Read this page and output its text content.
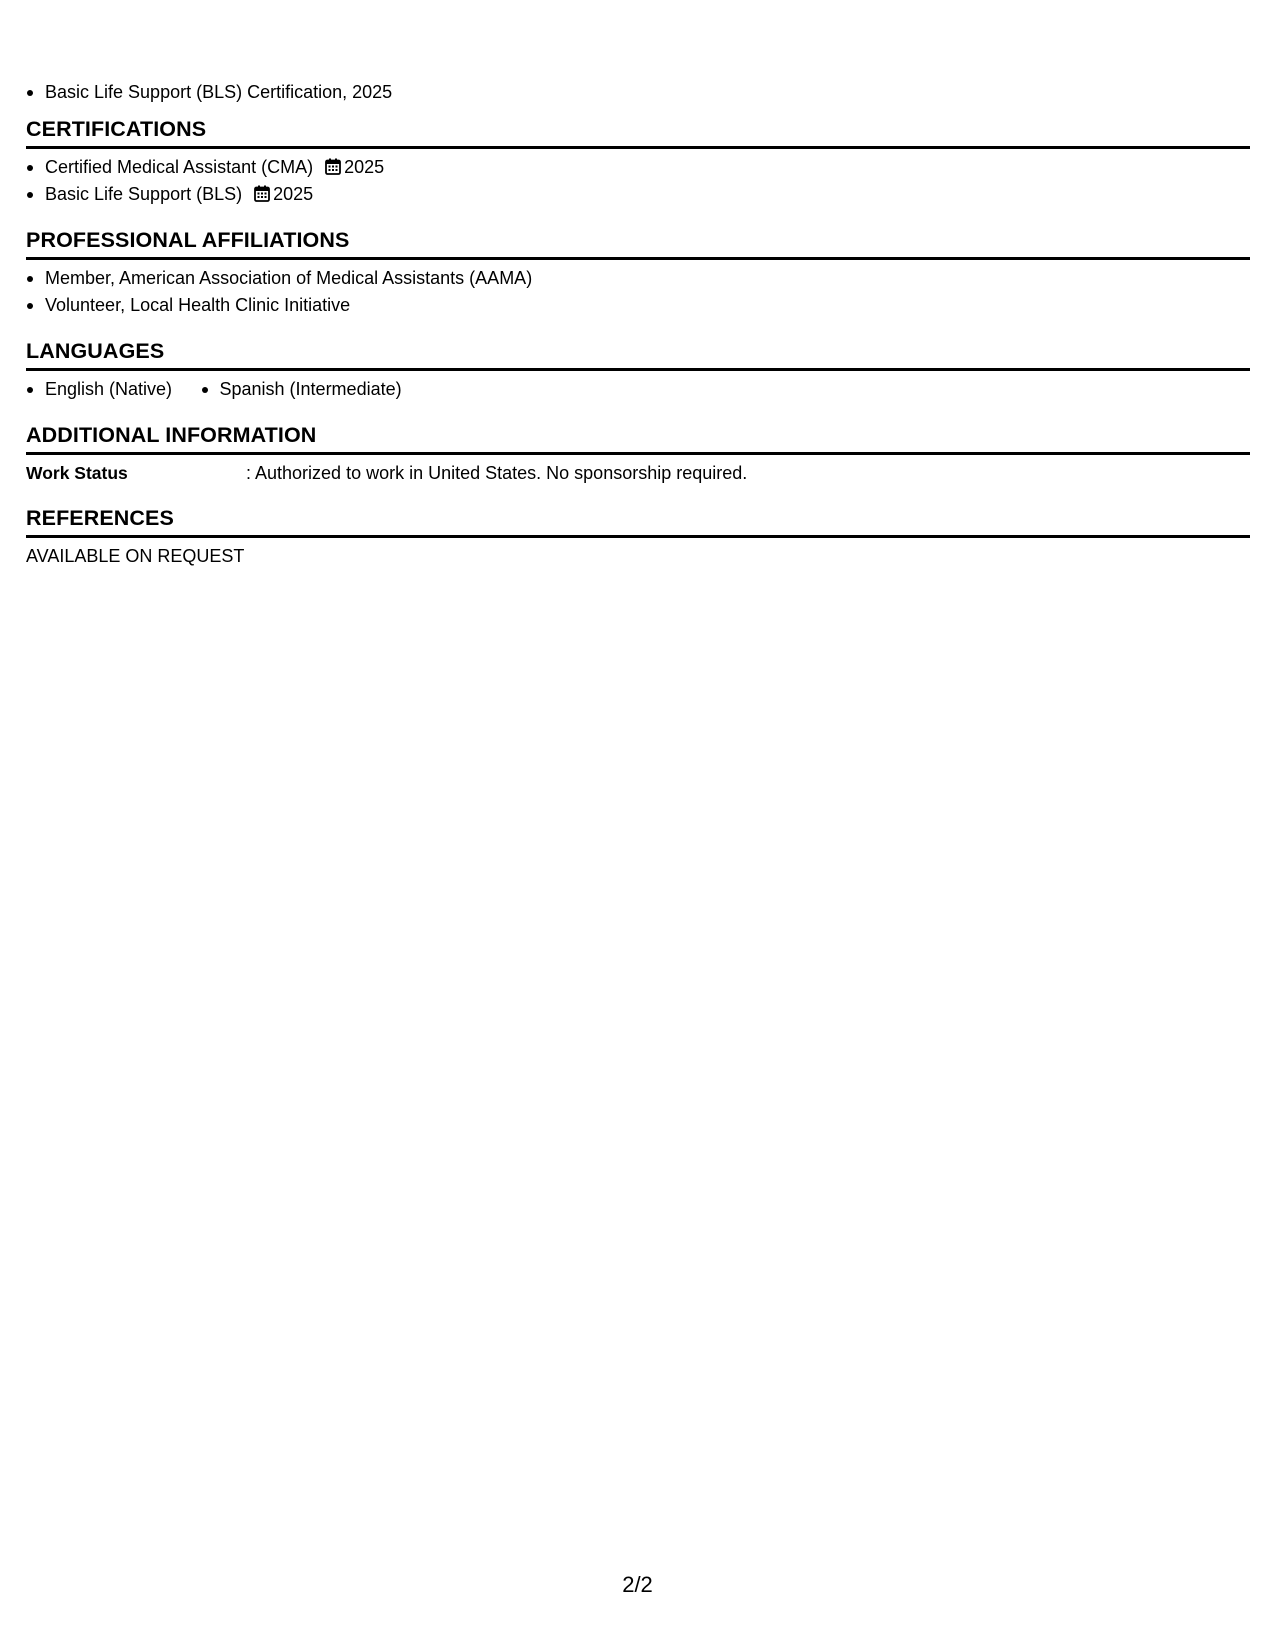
Basic Life Support (BLS) Certification, 2025
CERTIFICATIONS
Certified Medical Assistant (CMA) 2025
Basic Life Support (BLS) 2025
PROFESSIONAL AFFILIATIONS
Member, American Association of Medical Assistants (AAMA)
Volunteer, Local Health Clinic Initiative
LANGUAGES
English (Native)	Spanish (Intermediate)
ADDITIONAL INFORMATION
Work Status	: Authorized to work in United States. No sponsorship required.
REFERENCES
AVAILABLE ON REQUEST
2/2
